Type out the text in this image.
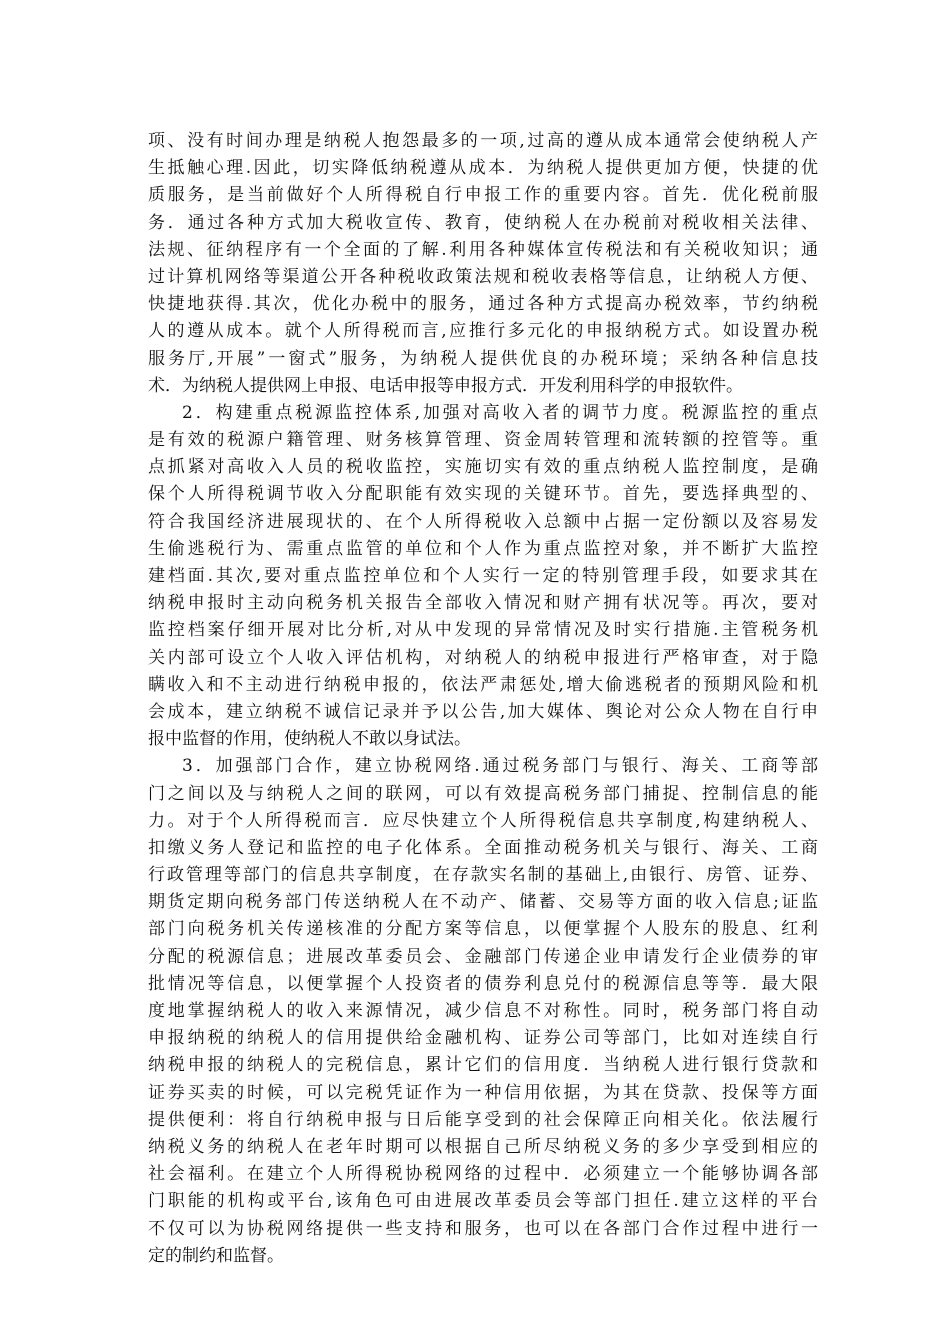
项、没有时间办理是纳税人抱怨最多的一项,过高的遵从成本通常会使纳税人产
生抵触心理.因此，切实降低纳税遵从成本．为纳税人提供更加方便，快捷的优
质服务，是当前做好个人所得税自行申报工作的重要内容。首先．优化税前服
务．通过各种方式加大税收宣传、教育，使纳税人在办税前对税收相关法律、
法规、征纳程序有一个全面的了解.利用各种媒体宣传税法和有关税收知识；通
过计算机网络等渠道公开各种税收政策法规和税收表格等信息，让纳税人方便、
快捷地获得.其次，优化办税中的服务，通过各种方式提高办税效率，节约纳税
人的遵从成本。就个人所得税而言,应推行多元化的申报纳税方式。如设置办税
服务厅,开展”一窗式”服务，为纳税人提供优良的办税环境；采纳各种信息技
术．为纳税人提供网上申报、电话申报等申报方式．开发利用科学的申报软件。
2．构建重点税源监控体系,加强对高收入者的调节力度。税源监控的重点
是有效的税源户籍管理、财务核算管理、资金周转管理和流转额的控管等。重
点抓紧对高收入人员的税收监控，实施切实有效的重点纳税人监控制度，是确
保个人所得税调节收入分配职能有效实现的关键环节。首先，要选择典型的、
符合我国经济进展现状的、在个人所得税收入总额中占据一定份额以及容易发
生偷逃税行为、需重点监管的单位和个人作为重点监控对象，并不断扩大监控
建档面.其次,要对重点监控单位和个人实行一定的特别管理手段，如要求其在
纳税申报时主动向税务机关报告全部收入情况和财产拥有状况等。再次，要对
监控档案仔细开展对比分析,对从中发现的异常情况及时实行措施.主管税务机
关内部可设立个人收入评估机构，对纳税人的纳税申报进行严格审查，对于隐
瞒收入和不主动进行纳税申报的，依法严肃惩处,增大偷逃税者的预期风险和机
会成本，建立纳税不诚信记录并予以公告,加大媒体、舆论对公众人物在自行申
报中监督的作用，使纳税人不敢以身试法。
3．加强部门合作，建立协税网络.通过税务部门与银行、海关、工商等部
门之间以及与纳税人之间的联网，可以有效提高税务部门捕捉、控制信息的能
力。对于个人所得税而言．应尽快建立个人所得税信息共享制度,构建纳税人、
扣缴义务人登记和监控的电子化体系。全面推动税务机关与银行、海关、工商
行政管理等部门的信息共享制度，在存款实名制的基础上,由银行、房管、证券、
期货定期向税务部门传送纳税人在不动产、储蓄、交易等方面的收入信息;证监
部门向税务机关传递核准的分配方案等信息，以便掌握个人股东的股息、红利
分配的税源信息；进展改革委员会、金融部门传递企业申请发行企业债券的审
批情况等信息，以便掌握个人投资者的债券利息兑付的税源信息等等．最大限
度地掌握纳税人的收入来源情况，减少信息不对称性。同时，税务部门将自动
申报纳税的纳税人的信用提供给金融机构、证券公司等部门，比如对连续自行
纳税申报的纳税人的完税信息，累计它们的信用度．当纳税人进行银行贷款和
证券买卖的时候，可以完税凭证作为一种信用依据，为其在贷款、投保等方面
提供便利：将自行纳税申报与日后能享受到的社会保障正向相关化。依法履行
纳税义务的纳税人在老年时期可以根据自己所尽纳税义务的多少享受到相应的
社会福利。在建立个人所得税协税网络的过程中．必须建立一个能够协调各部
门职能的机构或平台,该角色可由进展改革委员会等部门担任.建立这样的平台
不仅可以为协税网络提供一些支持和服务，也可以在各部门合作过程中进行一
定的制约和监督。
